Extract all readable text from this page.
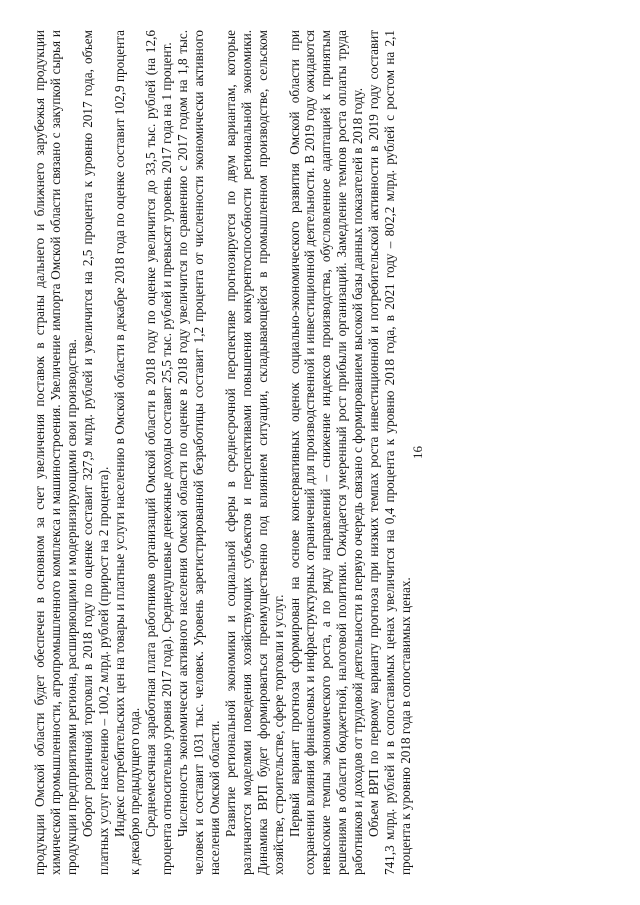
продукции Омской области будет обеспечен в основном за счет увеличения поставок в страны дальнего и ближнего зарубежья продукции химической промышленности, агропромышленного комплекса и машиностроения. Увеличение импорта Омской области связано с закупкой сырья и продукции предприятиями региона, расширяющими и модернизирующими свои производства. Оборот розничной торговли в 2018 году по оценке составит 327,9 млрд. рублей и увеличится на 2,5 процента к уровню 2017 года, объем платных услуг населению – 100,2 млрд. рублей (прирост на 2 процента). Индекс потребительских цен на товары и платные услуги населению в Омской области в декабре 2018 года по оценке составит 102,9 процента к декабрю предыдущего года. Среднемесячная заработная плата работников организаций Омской области в 2018 году по оценке увеличится до 33,5 тыс. рублей (на 12,6 процента относительно уровня 2017 года). Среднедушевые денежные доходы составят 25,5 тыс. рублей и превысят уровень 2017 года на 1 процент. Численность экономически активного населения Омской области по оценке в 2018 году увеличится по сравнению с 2017 годом на 1,8 тыс. человек и составит 1031 тыс. человек. Уровень зарегистрированной безработицы составит 1,2 процента от численности экономически активного населения Омской области. Развитие региональной экономики и социальной сферы в среднесрочной перспективе прогнозируется по двум вариантам, которые различаются моделями поведения хозяйствующих субъектов и перспективами повышения конкурентоспособности региональной экономики. Динамика ВРП будет формироваться преимущественно под влиянием ситуации, складывающейся в промышленном производстве, сельском хозяйстве, строительстве, сфере торговли и услуг. Первый вариант прогноза сформирован на основе консервативных оценок социально-экономического развития Омской области при сохранении влияния финансовых и инфраструктурных ограничений для производственной и инвестиционной деятельности. В 2019 году ожидаются невысокие темпы экономического роста, а по ряду направлений – снижение индексов производства, обусловленное адаптацией к принятым решениям в области бюджетной, налоговой политики. Ожидается умеренный рост прибыли организаций. Замедление темпов роста оплаты труда работников и доходов от трудовой деятельности в первую очередь связано с формированием высокой базы данных показателей в 2018 году. Объем ВРП по первому варианту прогноза при низких темпах роста инвестиционной и потребительской активности в 2019 году составит 741,3 млрд. рублей и в сопоставимых ценах увеличится на 0,4 процента к уровню 2018 года, в 2021 году – 802,2 млрд. рублей с ростом на 2,1 процента к уровню 2018 года в сопоставимых ценах.

16
